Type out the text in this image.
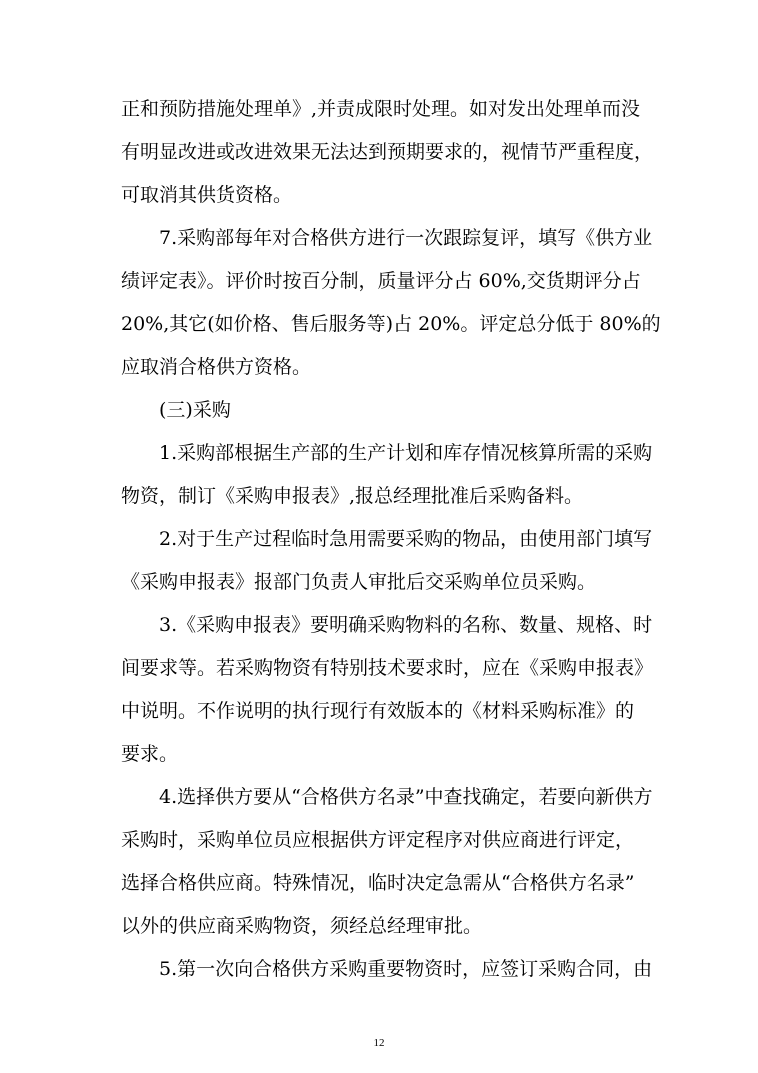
正和预防措施处理单》,并责成限时处理。如对发出处理单而没
有明显改进或改进效果无法达到预期要求的，视情节严重程度，
可取消其供货资格。
7.采购部每年对合格供方进行一次跟踪复评，填写《供方业
绩评定表》。评价时按百分制，质量评分占 60%,交货期评分占
20%,其它(如价格、售后服务等)占 20%。评定总分低于 80%的
应取消合格供方资格。
(三)采购
1.采购部根据生产部的生产计划和库存情况核算所需的采购
物资，制订《采购申报表》,报总经理批准后采购备料。
2.对于生产过程临时急用需要采购的物品，由使用部门填写
《采购申报表》报部门负责人审批后交采购单位员采购。
3.《采购申报表》要明确采购物料的名称、数量、规格、时
间要求等。若采购物资有特别技术要求时，应在《采购申报表》
中说明。不作说明的执行现行有效版本的《材料采购标准》的
要求。
4.选择供方要从“合格供方名录”中查找确定，若要向新供方
采购时，采购单位员应根据供方评定程序对供应商进行评定，
选择合格供应商。特殊情况，临时决定急需从“合格供方名录”
以外的供应商采购物资，须经总经理审批。
5.第一次向合格供方采购重要物资时，应签订采购合同，由
12
